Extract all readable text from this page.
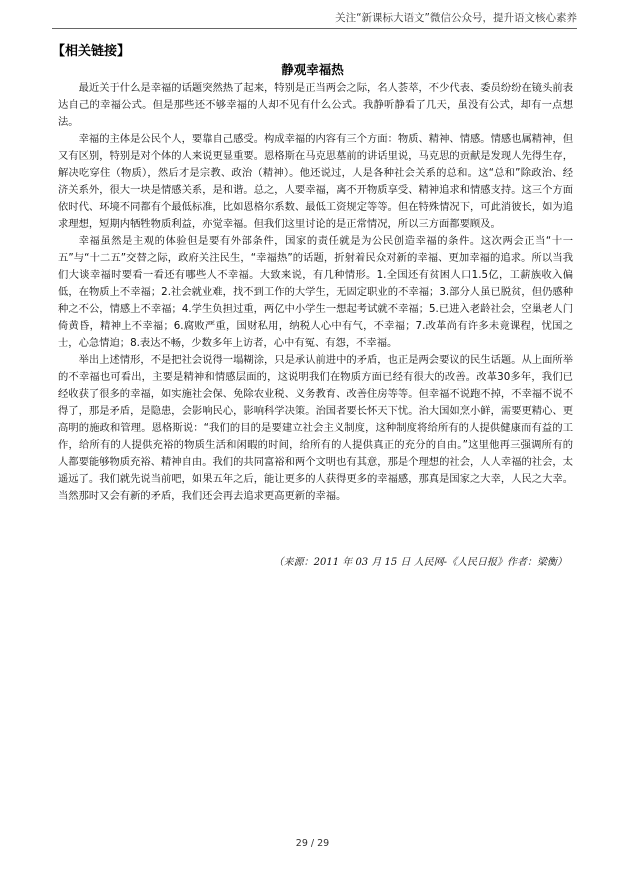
关注“新课标大语文”微信公众号，提升语文核心素养
【相关链接】
静观幸福热

最近关于什么是幸福的话题突然热了起来，特别是正当两会之际，名人荟萃，不少代表、委员纷纷在镜头前表达自己的幸福公式。但是那些还不够幸福的人却不见有什么公式。我静听静看了几天，虽没有公式，却有一点想法。

幸福的主体是公民个人，要靠自己感受。构成幸福的内容有三个方面：物质、精神、情感。情感也属精神，但又有区别，特别是对个体的人来说更显重要。恩格斯在马克思墓前的讲话里说，马克思的贡献是发现人先得生存，解决吃穿住（物质），然后才是宗教、政治（精神）。他还说过，人是各种社会关系的总和。这“总和”除政治、经济关系外，很大一块是情感关系，是和谐。总之，人要幸福，离不开物质享受、精神追求和情感支持。这三个方面依时代、环境不同都有个最低标准，比如恩格尔系数、最低工资规定等等。但在特殊情况下，可此消彼长，如为追求理想，短期内牺牲物质利益，亦觉幸福。但我们这里讨论的是正常情况，所以三方面都要顾及。

幸福虽然是主观的体验但是要有外部条件，国家的责任就是为公民创造幸福的条件。这次两会正当“十一五”与“十二五”交替之际，政府关注民生，“幸福热”的话题，折射着民众对新的幸福、更加幸福的追求。所以当我们大谈幸福时要看一看还有哪些人不幸福。大致来说，有几种情形。1.全国还有贫困人口1.5亿，工薪族收入偏低，在物质上不幸福；2.社会就业难，找不到工作的大学生，无固定职业的不幸福；3.部分人虽已脱贫，但仍感种种之不公，情感上不幸福；4.学生负担过重，两亿中小学生一想起考试就不幸福；5.已进入老龄社会，空巢老人门倚黄昏，精神上不幸福；6.腐败严重，国财私用，纳税人心中有气，不幸福；7.改革尚有许多未竟课程，忧国之士，心急情迫；8.表达不畅，少数多年上访者，心中有冤、有怨，不幸福。

举出上述情形，不是把社会说得一塌糊涂，只是承认前进中的矛盾，也正是两会要议的民生话题。从上面所举的不幸福也可看出，主要是精神和情感层面的，这说明我们在物质方面已经有很大的改善。改革30多年，我们已经收获了很多的幸福，如实施社会保、免除农业税、义务教育、改善住房等等。但幸福不说跑不掉，不幸福不说不得了，那是矛盾，是隐患，会影响民心，影响科学决策。治国者要长怀天下忧。治大国如烹小鲜，需要更精心、更高明的施政和管理。恩格斯说：“我们的目的是要建立社会主义制度，这种制度将给所有的人提供健康而有益的工作，给所有的人提供充裕的物质生活和闲暇的时间，给所有的人提供真正的充分的自由。”这里他再三强调所有的人都要能够物质充裕、精神自由。我们的共同富裕和两个文明也有其意，那是个理想的社会，人人幸福的社会，太遥远了。我们就先说当前吧，如果五年之后，能让更多的人获得更多的幸福感，那真是国家之大幸，人民之大幸。当然那时又会有新的矛盾，我们还会再去追求更高更新的幸福。

（来源：2011 年 03 月 15 日 人民网-《人民日报》作者：梁衡）
29 / 29
